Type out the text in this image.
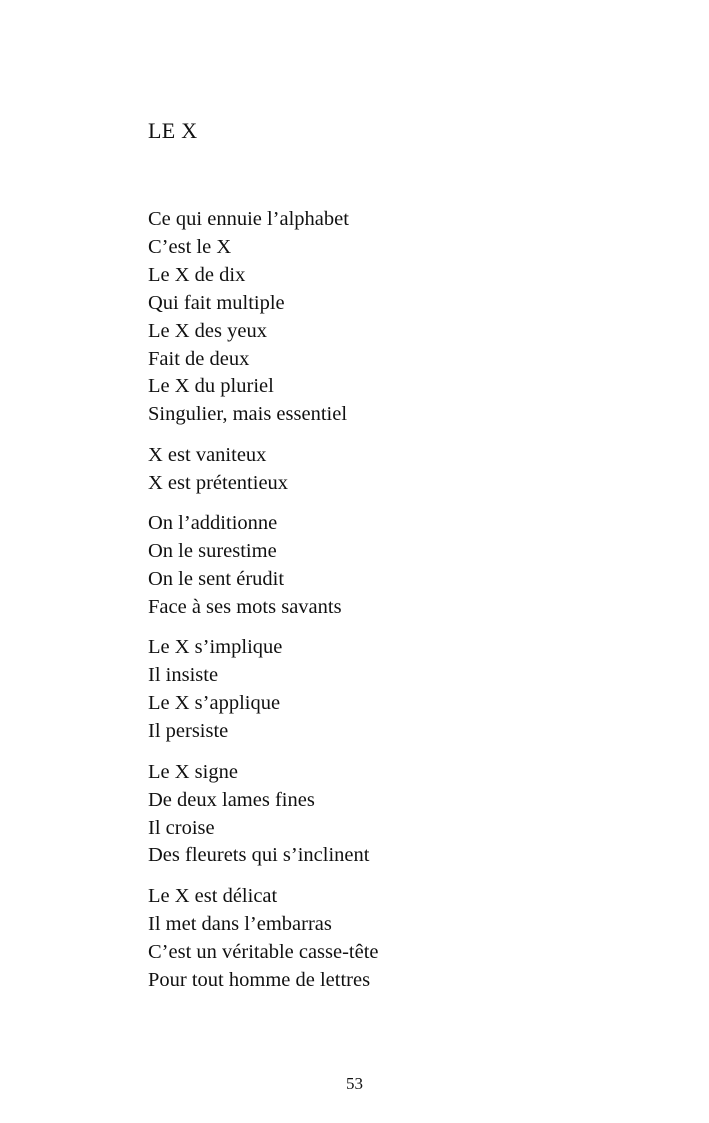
LE X
Ce qui ennuie l’alphabet
C’est le X
Le X de dix
Qui fait multiple
Le X des yeux
Fait de deux
Le X du pluriel
Singulier, mais essentiel
X est vaniteux
X est prétentieux
On l’additionne
On le surestime
On le sent érudit
Face à ses mots savants
Le X s’implique
Il insiste
Le X s’applique
Il persiste
Le X signe
De deux lames fines
Il croise
Des fleurets qui s’inclinent
Le X est délicat
Il met dans l’embarras
C’est un véritable casse-tête
Pour tout homme de lettres
53
